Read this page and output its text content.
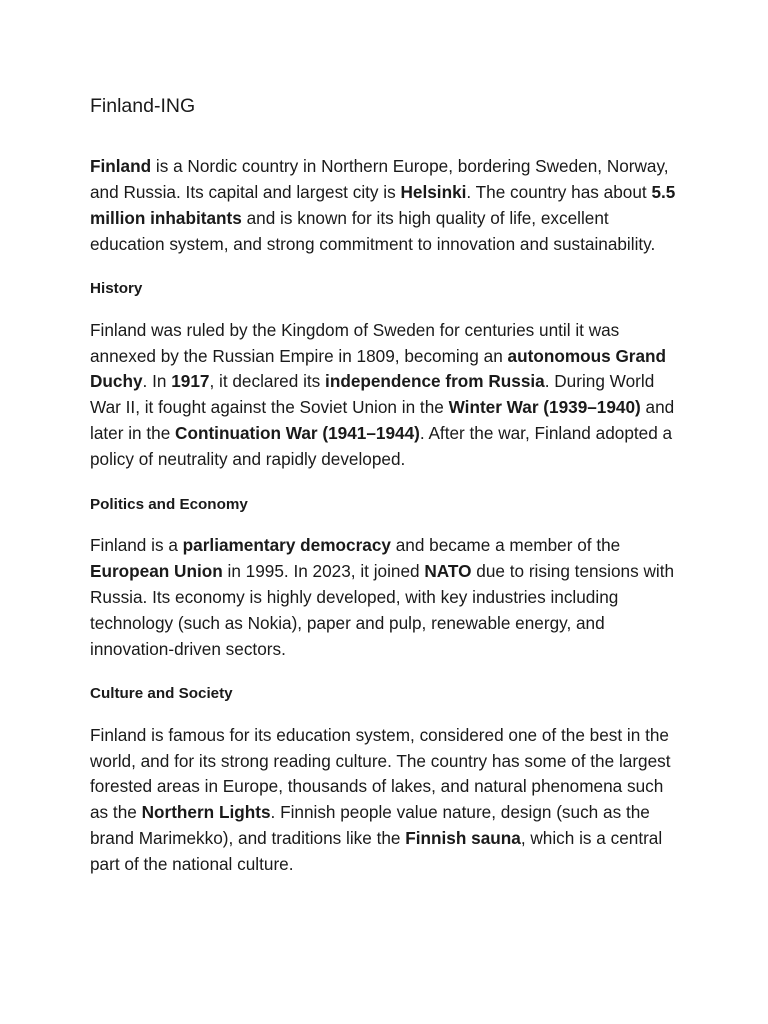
Finland-ING

Finland is a Nordic country in Northern Europe, bordering Sweden, Norway, and Russia. Its capital and largest city is Helsinki. The country has about 5.5 million inhabitants and is known for its high quality of life, excellent education system, and strong commitment to innovation and sustainability.

History

Finland was ruled by the Kingdom of Sweden for centuries until it was annexed by the Russian Empire in 1809, becoming an autonomous Grand Duchy. In 1917, it declared its independence from Russia. During World War II, it fought against the Soviet Union in the Winter War (1939–1940) and later in the Continuation War (1941–1944). After the war, Finland adopted a policy of neutrality and rapidly developed.

Politics and Economy

Finland is a parliamentary democracy and became a member of the European Union in 1995. In 2023, it joined NATO due to rising tensions with Russia. Its economy is highly developed, with key industries including technology (such as Nokia), paper and pulp, renewable energy, and innovation-driven sectors.

Culture and Society

Finland is famous for its education system, considered one of the best in the world, and for its strong reading culture. The country has some of the largest forested areas in Europe, thousands of lakes, and natural phenomena such as the Northern Lights. Finnish people value nature, design (such as the brand Marimekko), and traditions like the Finnish sauna, which is a central part of the national culture.
